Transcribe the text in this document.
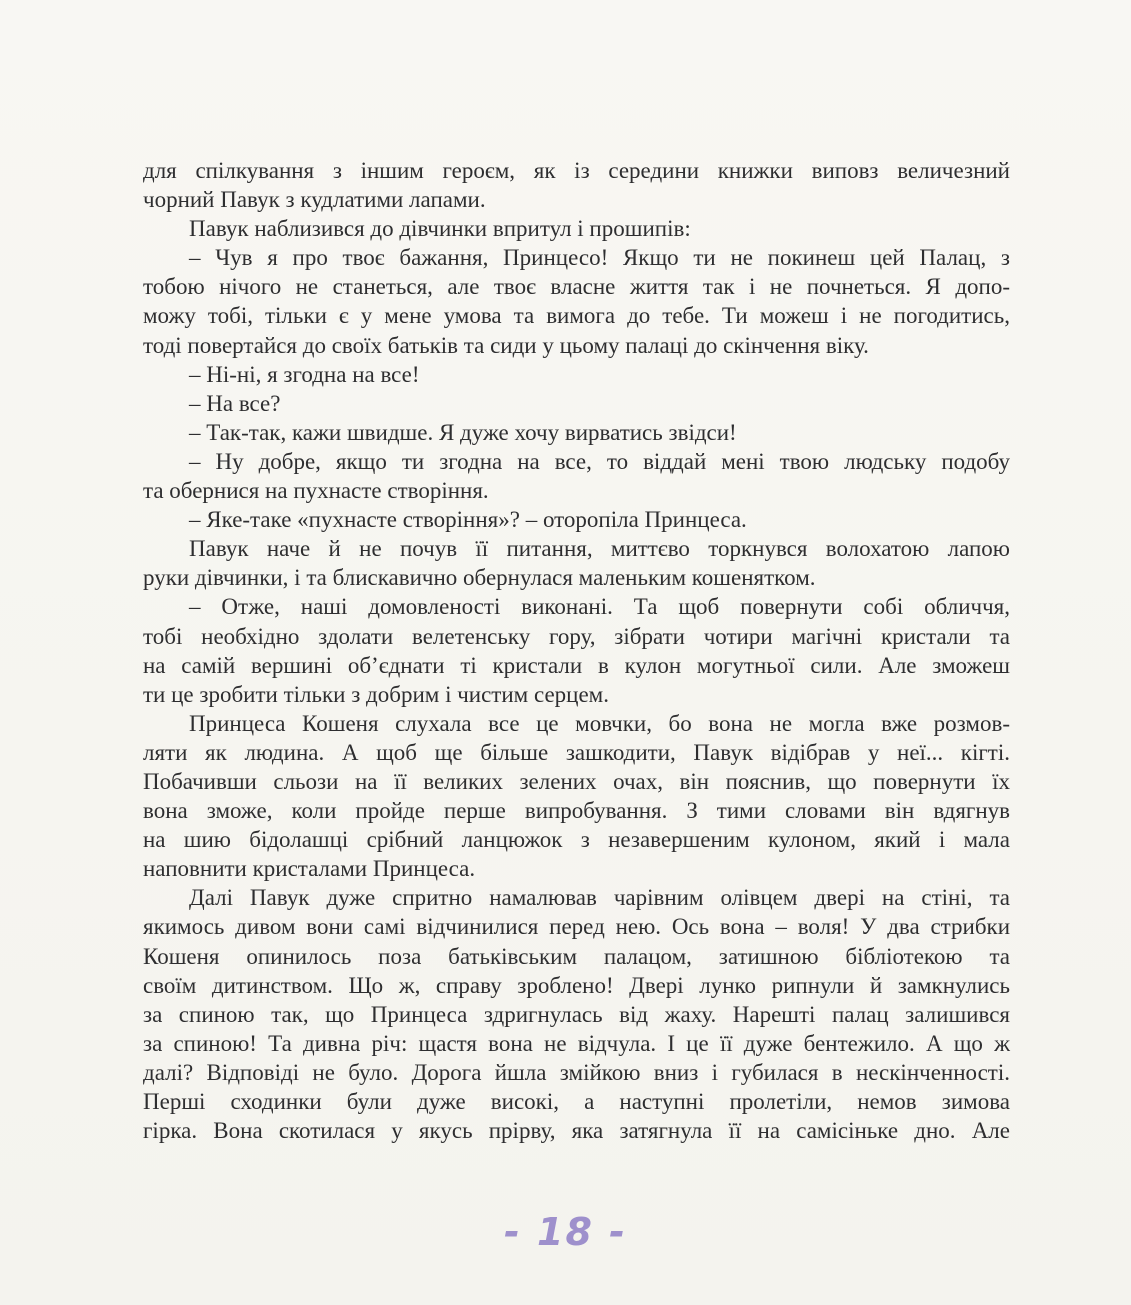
для спілкування з іншим героєм, як із середини книжки виповз величезний
чорний Павук з кудлатими лапами.
Павук наблизився до дівчинки впритул і прошипів:
– Чув я про твоє бажання, Принцесо! Якщо ти не покинеш цей Палац, з
тобою нічого не станеться, але твоє власне життя так і не почнеться. Я допо-
можу тобі, тільки є у мене умова та вимога до тебе. Ти можеш і не погодитись,
тоді повертайся до своїх батьків та сиди у цьому палаці до скінчення віку.
– Ні-ні, я згодна на все!
– На все?
– Так-так, кажи швидше. Я дуже хочу вирватись звідси!
– Ну добре, якщо ти згодна на все, то віддай мені твою людську подобу
та обернися на пухнасте створіння.
– Яке-таке «пухнасте створіння»? – оторопіла Принцеса.
Павук наче й не почув її питання, миттєво торкнувся волохатою лапою
руки дівчинки, і та блискавично обернулася маленьким кошенятком.
– Отже, наші домовленості виконані. Та щоб повернути собі обличчя,
тобі необхідно здолати велетенську гору, зібрати чотири магічні кристали та
на самій вершині об’єднати ті кристали в кулон могутньої сили. Але зможеш
ти це зробити тільки з добрим і чистим серцем.
Принцеса Кошеня слухала все це мовчки, бо вона не могла вже розмов-
ляти як людина. А щоб ще більше зашкодити, Павук відібрав у неї... кігті.
Побачивши сльози на її великих зелених очах, він пояснив, що повернути їх
вона зможе, коли пройде перше випробування. З тими словами він вдягнув
на шию бідолашці срібний ланцюжок з незавершеним кулоном, який і мала
наповнити кристалами Принцеса.
Далі Павук дуже спритно намалював чарівним олівцем двері на стіні, та
якимось дивом вони самі відчинилися перед нею. Ось вона – воля! У два стрибки
Кошеня опинилось поза батьківським палацом, затишною бібліотекою та
своїм дитинством. Що ж, справу зроблено! Двері лунко рипнули й замкнулись
за спиною так, що Принцеса здригнулась від жаху. Нарешті палац залишився
за спиною! Та дивна річ: щастя вона не відчула. І це її дуже бентежило. А що ж
далі? Відповіді не було. Дорога йшла змійкою вниз і губилася в нескінченності.
Перші сходинки були дуже високі, а наступні пролетіли, немов зимова
гірка. Вона скотилася у якусь прірву, яка затягнула її на самісіньке дно. Але
- 18 -
